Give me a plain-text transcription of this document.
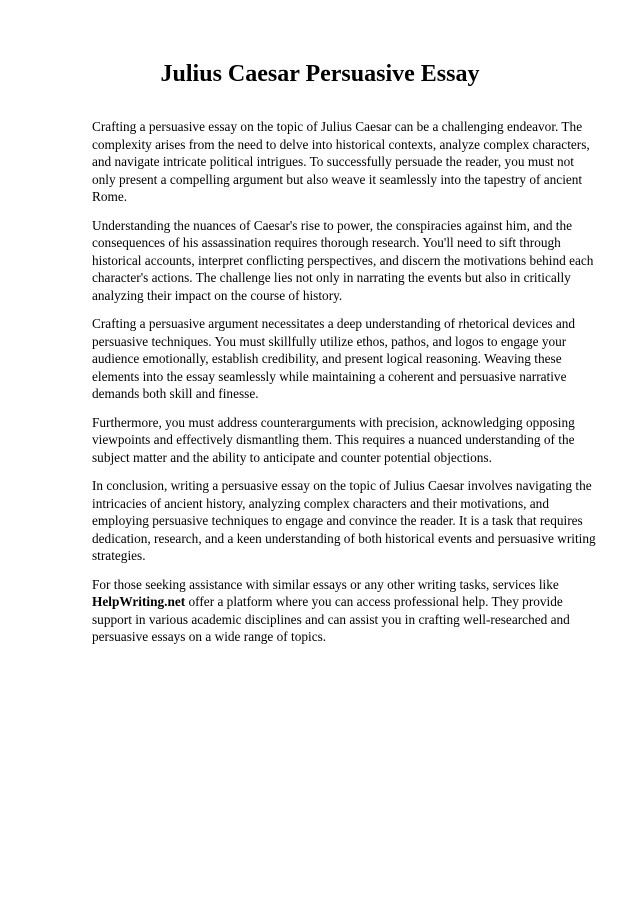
Julius Caesar Persuasive Essay

Crafting a persuasive essay on the topic of Julius Caesar can be a challenging endeavor. The complexity arises from the need to delve into historical contexts, analyze complex characters, and navigate intricate political intrigues. To successfully persuade the reader, you must not only present a compelling argument but also weave it seamlessly into the tapestry of ancient Rome.

Understanding the nuances of Caesar's rise to power, the conspiracies against him, and the consequences of his assassination requires thorough research. You'll need to sift through historical accounts, interpret conflicting perspectives, and discern the motivations behind each character's actions. The challenge lies not only in narrating the events but also in critically analyzing their impact on the course of history.

Crafting a persuasive argument necessitates a deep understanding of rhetorical devices and persuasive techniques. You must skillfully utilize ethos, pathos, and logos to engage your audience emotionally, establish credibility, and present logical reasoning. Weaving these elements into the essay seamlessly while maintaining a coherent and persuasive narrative demands both skill and finesse.

Furthermore, you must address counterarguments with precision, acknowledging opposing viewpoints and effectively dismantling them. This requires a nuanced understanding of the subject matter and the ability to anticipate and counter potential objections.

In conclusion, writing a persuasive essay on the topic of Julius Caesar involves navigating the intricacies of ancient history, analyzing complex characters and their motivations, and employing persuasive techniques to engage and convince the reader. It is a task that requires dedication, research, and a keen understanding of both historical events and persuasive writing strategies.

For those seeking assistance with similar essays or any other writing tasks, services like
HelpWriting.net offer a platform where you can access professional help. They provide support in various academic disciplines and can assist you in crafting well-researched and persuasive essays on a wide range of topics.
